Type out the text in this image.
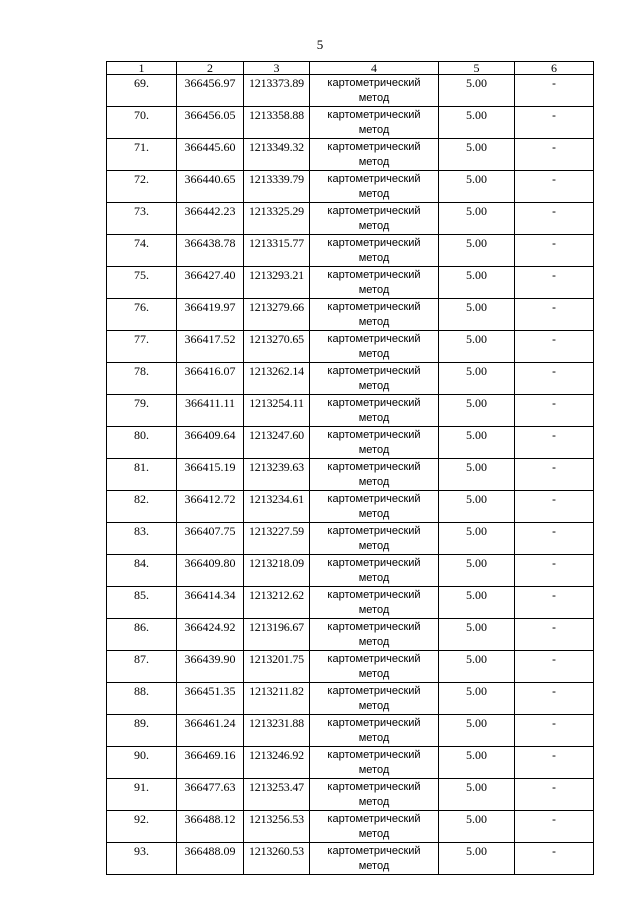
5
1	2	3	4	5	6
69.	366456.97	1213373.89	картометрический
метод	5.00	-
70.	366456.05	1213358.88	картометрический
метод	5.00	-
71.	366445.60	1213349.32	картометрический
метод	5.00	-
72.	366440.65	1213339.79	картометрический
метод	5.00	-
73.	366442.23	1213325.29	картометрический
метод	5.00	-
74.	366438.78	1213315.77	картометрический
метод	5.00	-
75.	366427.40	1213293.21	картометрический
метод	5.00	-
76.	366419.97	1213279.66	картометрический
метод	5.00	-
77.	366417.52	1213270.65	картометрический
метод	5.00	-
78.	366416.07	1213262.14	картометрический
метод	5.00	-
79.	366411.11	1213254.11	картометрический
метод	5.00	-
80.	366409.64	1213247.60	картометрический
метод	5.00	-
81.	366415.19	1213239.63	картометрический
метод	5.00	-
82.	366412.72	1213234.61	картометрический
метод	5.00	-
83.	366407.75	1213227.59	картометрический
метод	5.00	-
84.	366409.80	1213218.09	картометрический
метод	5.00	-
85.	366414.34	1213212.62	картометрический
метод	5.00	-
86.	366424.92	1213196.67	картометрический
метод	5.00	-
87.	366439.90	1213201.75	картометрический
метод	5.00	-
88.	366451.35	1213211.82	картометрический
метод	5.00	-
89.	366461.24	1213231.88	картометрический
метод	5.00	-
90.	366469.16	1213246.92	картометрический
метод	5.00	-
91.	366477.63	1213253.47	картометрический
метод	5.00	-
92.	366488.12	1213256.53	картометрический
метод	5.00	-
93.	366488.09	1213260.53	картометрический
метод	5.00	-
